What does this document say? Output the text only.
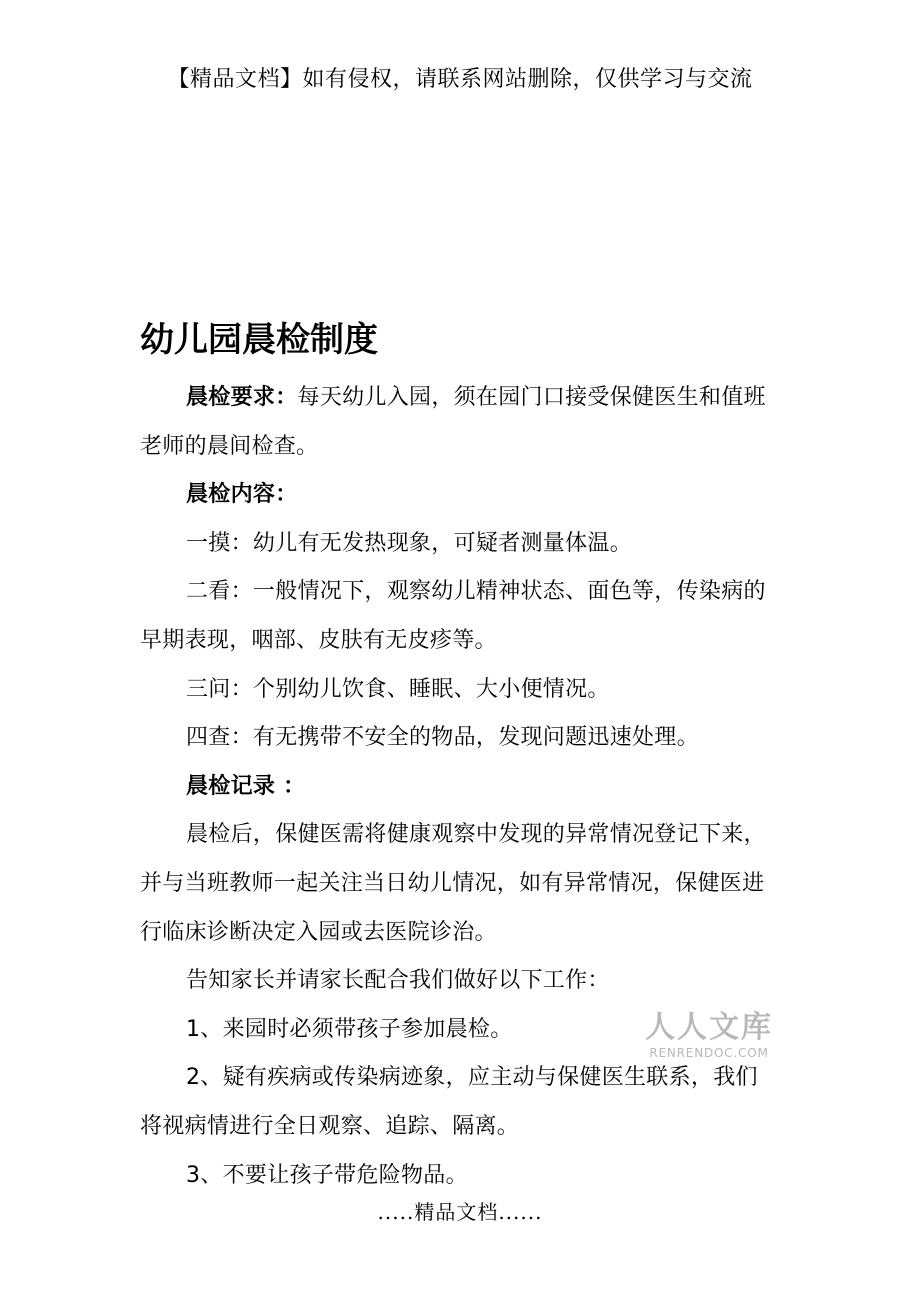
【精品文档】如有侵权，请联系网站删除，仅供学习与交流
幼儿园晨检制度

晨检要求：每天幼儿入园，须在园门口接受保健医生和值班老师的晨间检查。

晨检内容：

一摸：幼儿有无发热现象，可疑者测量体温。

二看：一般情况下，观察幼儿精神状态、面色等，传染病的早期表现，咽部、皮肤有无皮疹等。

三问：个别幼儿饮食、睡眠、大小便情况。

四查：有无携带不安全的物品，发现问题迅速处理。

晨检记录 ：

晨检后，保健医需将健康观察中发现的异常情况登记下来，并与当班教师一起关注当日幼儿情况，如有异常情况，保健医进行临床诊断决定入园或去医院诊治。

告知家长并请家长配合我们做好以下工作：

1、来园时必须带孩子参加晨检。

2、疑有疾病或传染病迹象，应主动与保健医生联系，我们将视病情进行全日观察、追踪、隔离。

3、不要让孩子带危险物品。

人人文库
RENRENDOC.COM
.....精品文档......
